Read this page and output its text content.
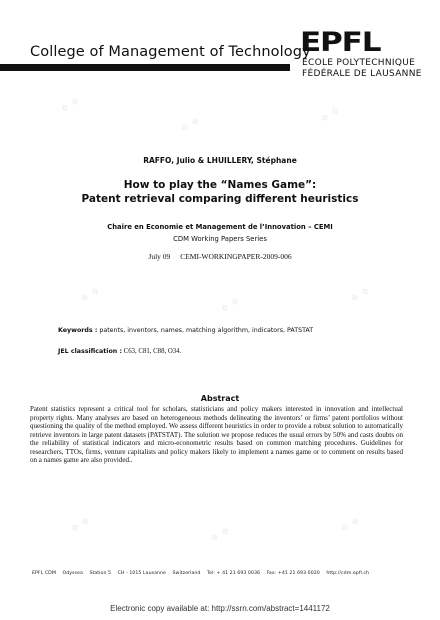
College of Management of Technology
EPFL
ÉCOLE POLYTECHNIQUE
FÉDÉRALE DE LAUSANNE
RAFFO, Julio & LHUILLERY, Stéphane
How to play the “Names Game”:
Patent retrieval comparing different heuristics
Chaire en Economie et Management de l’Innovation – CEMI
CDM Working Papers Series
July 09 CEMI-WORKINGPAPER-2009-006
Keywords : patents, inventors, names, matching algorithm, indicators, PATSTAT
JEL classification : C63, C81, C88, O34.
Abstract
Patent statistics represent a critical tool for scholars, statisticians and policy makers interested in innovation and intellectual property rights. Many analyses are based on heterogeneous methods delineating the inventors’ or firms’ patent portfolios without questioning the quality of the method employed. We assess different heuristics in order to provide a robust solution to automatically retrieve inventors in large patent datasets (PATSTAT). The solution we propose reduces the usual errors by 50% and casts doubts on the reliability of statistical indicators and micro-econometric results based on common matching procedures. Guidelines for researchers, TTOs, firms, venture capitalists and policy makers likely to implement a names game or to comment on results based on a names game are also provided..
EPFL CDM Odyssea Station 5 CH - 1015 Lausanne Switzerland Tel: + 41 21 693 0036 Fax: +41 21 693 0020 http://cdm.epfl.ch
Electronic copy available at: http://ssrn.com/abstract=1441172
❖ ❖
❖ ❖	❖ ❖
❖ ❖	❖ ❖	❖ ❖
❖ ❖	❖ ❖	❖ ❖
